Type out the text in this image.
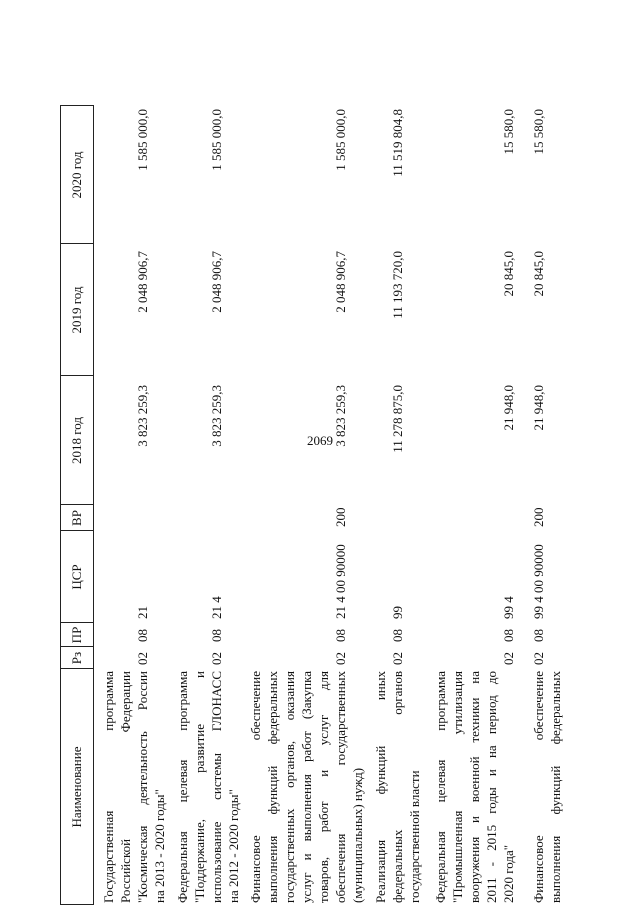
2069
Наименование
Рз
ПР
ЦСР
ВР
2018 год
2019 год
2020 год
Государственная программа Российской Федерации "Космическая деятельность России на 2013 - 2020 годы"
02
08
21
3 823 259,3
2 048 906,7
1 585 000,0
Федеральная целевая программа "Поддержание, развитие и использование системы ГЛОНАСС на 2012 - 2020 годы"
02
08
21 4
3 823 259,3
2 048 906,7
1 585 000,0
Финансовое обеспечение выполнения функций федеральных государственных органов, оказания услуг и выполнения работ (Закупка товаров, работ и услуг для обеспечения государственных (муниципальных) нужд)
02
08
21 4 00 90000
200
3 823 259,3
2 048 906,7
1 585 000,0
Реализация функций иных федеральных органов государственной власти
02
08
99
11 278 875,0
11 193 720,0
11 519 804,8
Федеральная целевая программа "Промышленная утилизация вооружения и военной техники на 2011 - 2015 годы и на период до 2020 года"
02
08
99 4
21 948,0
20 845,0
15 580,0
Финансовое обеспечение выполнения функций федеральных
02
08
99 4 00 90000
200
21 948,0
20 845,0
15 580,0
